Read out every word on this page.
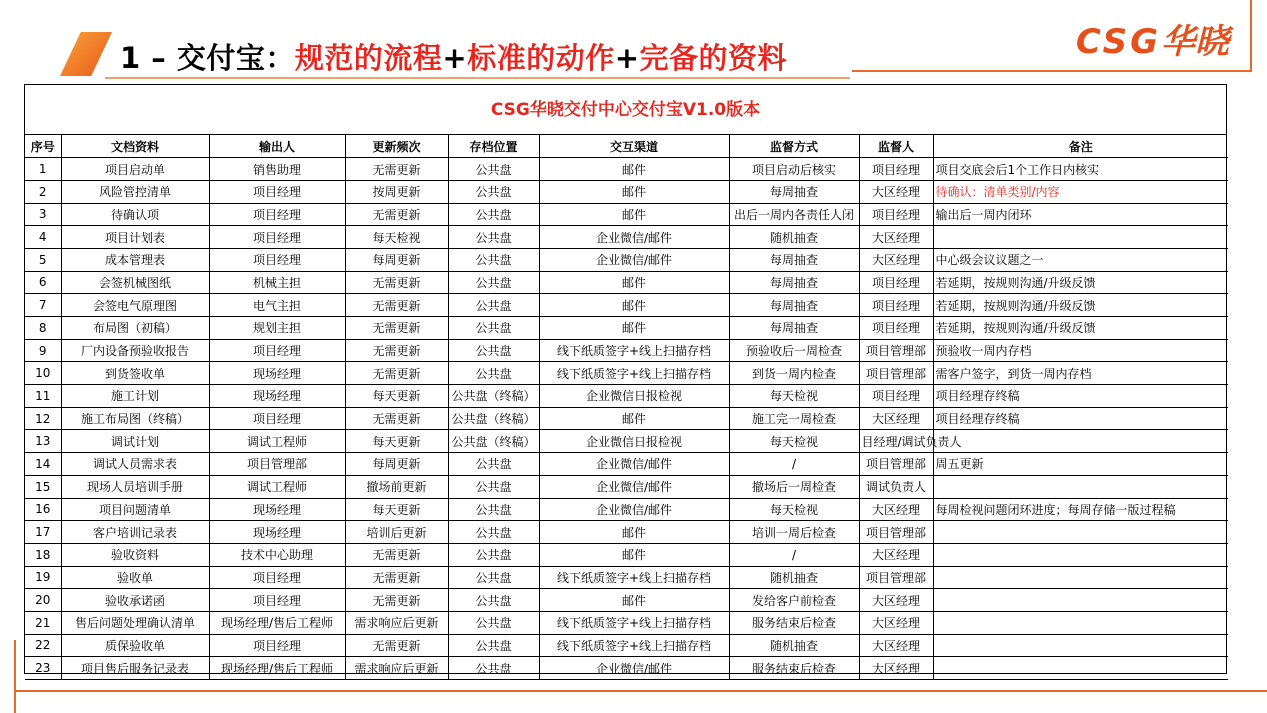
1 – 交付宝：规范的流程+标准的动作+完备的资料	CSG华晓
CSG华晓交付中心交付宝V1.0版本
序号	文档资料	输出人	更新频次	存档位置	交互渠道	监督方式	监督人	备注
1	项目启动单	销售助理	无需更新	公共盘	邮件	项目启动后核实	项目经理	项目交底会后1个工作日内核实
2	风险管控清单	项目经理	按周更新	公共盘	邮件	每周抽查	大区经理	待确认：清单类别/内容
3	待确认项	项目经理	无需更新	公共盘	邮件	出后一周内各责任人闭	项目经理	输出后一周内闭环
4	项目计划表	项目经理	每天检视	公共盘	企业微信/邮件	随机抽查	大区经理	
5	成本管理表	项目经理	每周更新	公共盘	企业微信/邮件	每周抽查	大区经理	中心级会议议题之一
6	会签机械图纸	机械主担	无需更新	公共盘	邮件	每周抽查	项目经理	若延期，按规则沟通/升级反馈
7	会签电气原理图	电气主担	无需更新	公共盘	邮件	每周抽查	项目经理	若延期，按规则沟通/升级反馈
8	布局图（初稿）	规划主担	无需更新	公共盘	邮件	每周抽查	项目经理	若延期，按规则沟通/升级反馈
9	厂内设备预验收报告	项目经理	无需更新	公共盘	线下纸质签字+线上扫描存档	预验收后一周检查	项目管理部	预验收一周内存档
10	到货签收单	现场经理	无需更新	公共盘	线下纸质签字+线上扫描存档	到货一周内检查	项目管理部	需客户签字，到货一周内存档
11	施工计划	现场经理	每天更新	公共盘（终稿）	企业微信日报检视	每天检视	项目经理	项目经理存终稿
12	施工布局图（终稿）	项目经理	无需更新	公共盘（终稿）	邮件	施工完一周检查	大区经理	项目经理存终稿
13	调试计划	调试工程师	每天更新	公共盘（终稿）	企业微信日报检视	每天检视	目经理/调试负责人	
14	调试人员需求表	项目管理部	每周更新	公共盘	企业微信/邮件	/	项目管理部	周五更新
15	现场人员培训手册	调试工程师	撤场前更新	公共盘	企业微信/邮件	撤场后一周检查	调试负责人	
16	项目问题清单	现场经理	每天更新	公共盘	企业微信/邮件	每天检视	大区经理	每周检视问题闭环进度；每周存储一版过程稿
17	客户培训记录表	现场经理	培训后更新	公共盘	邮件	培训一周后检查	项目管理部	
18	验收资料	技术中心助理	无需更新	公共盘	邮件	/	大区经理	
19	验收单	项目经理	无需更新	公共盘	线下纸质签字+线上扫描存档	随机抽查	项目管理部	
20	验收承诺函	项目经理	无需更新	公共盘	邮件	发给客户前检查	大区经理	
21	售后问题处理确认清单	现场经理/售后工程师	需求响应后更新	公共盘	线下纸质签字+线上扫描存档	服务结束后检查	大区经理	
22	质保验收单	项目经理	无需更新	公共盘	线下纸质签字+线上扫描存档	随机抽查	大区经理	
23	项目售后服务记录表	现场经理/售后工程师	需求响应后更新	公共盘	企业微信/邮件	服务结束后检查	大区经理	
